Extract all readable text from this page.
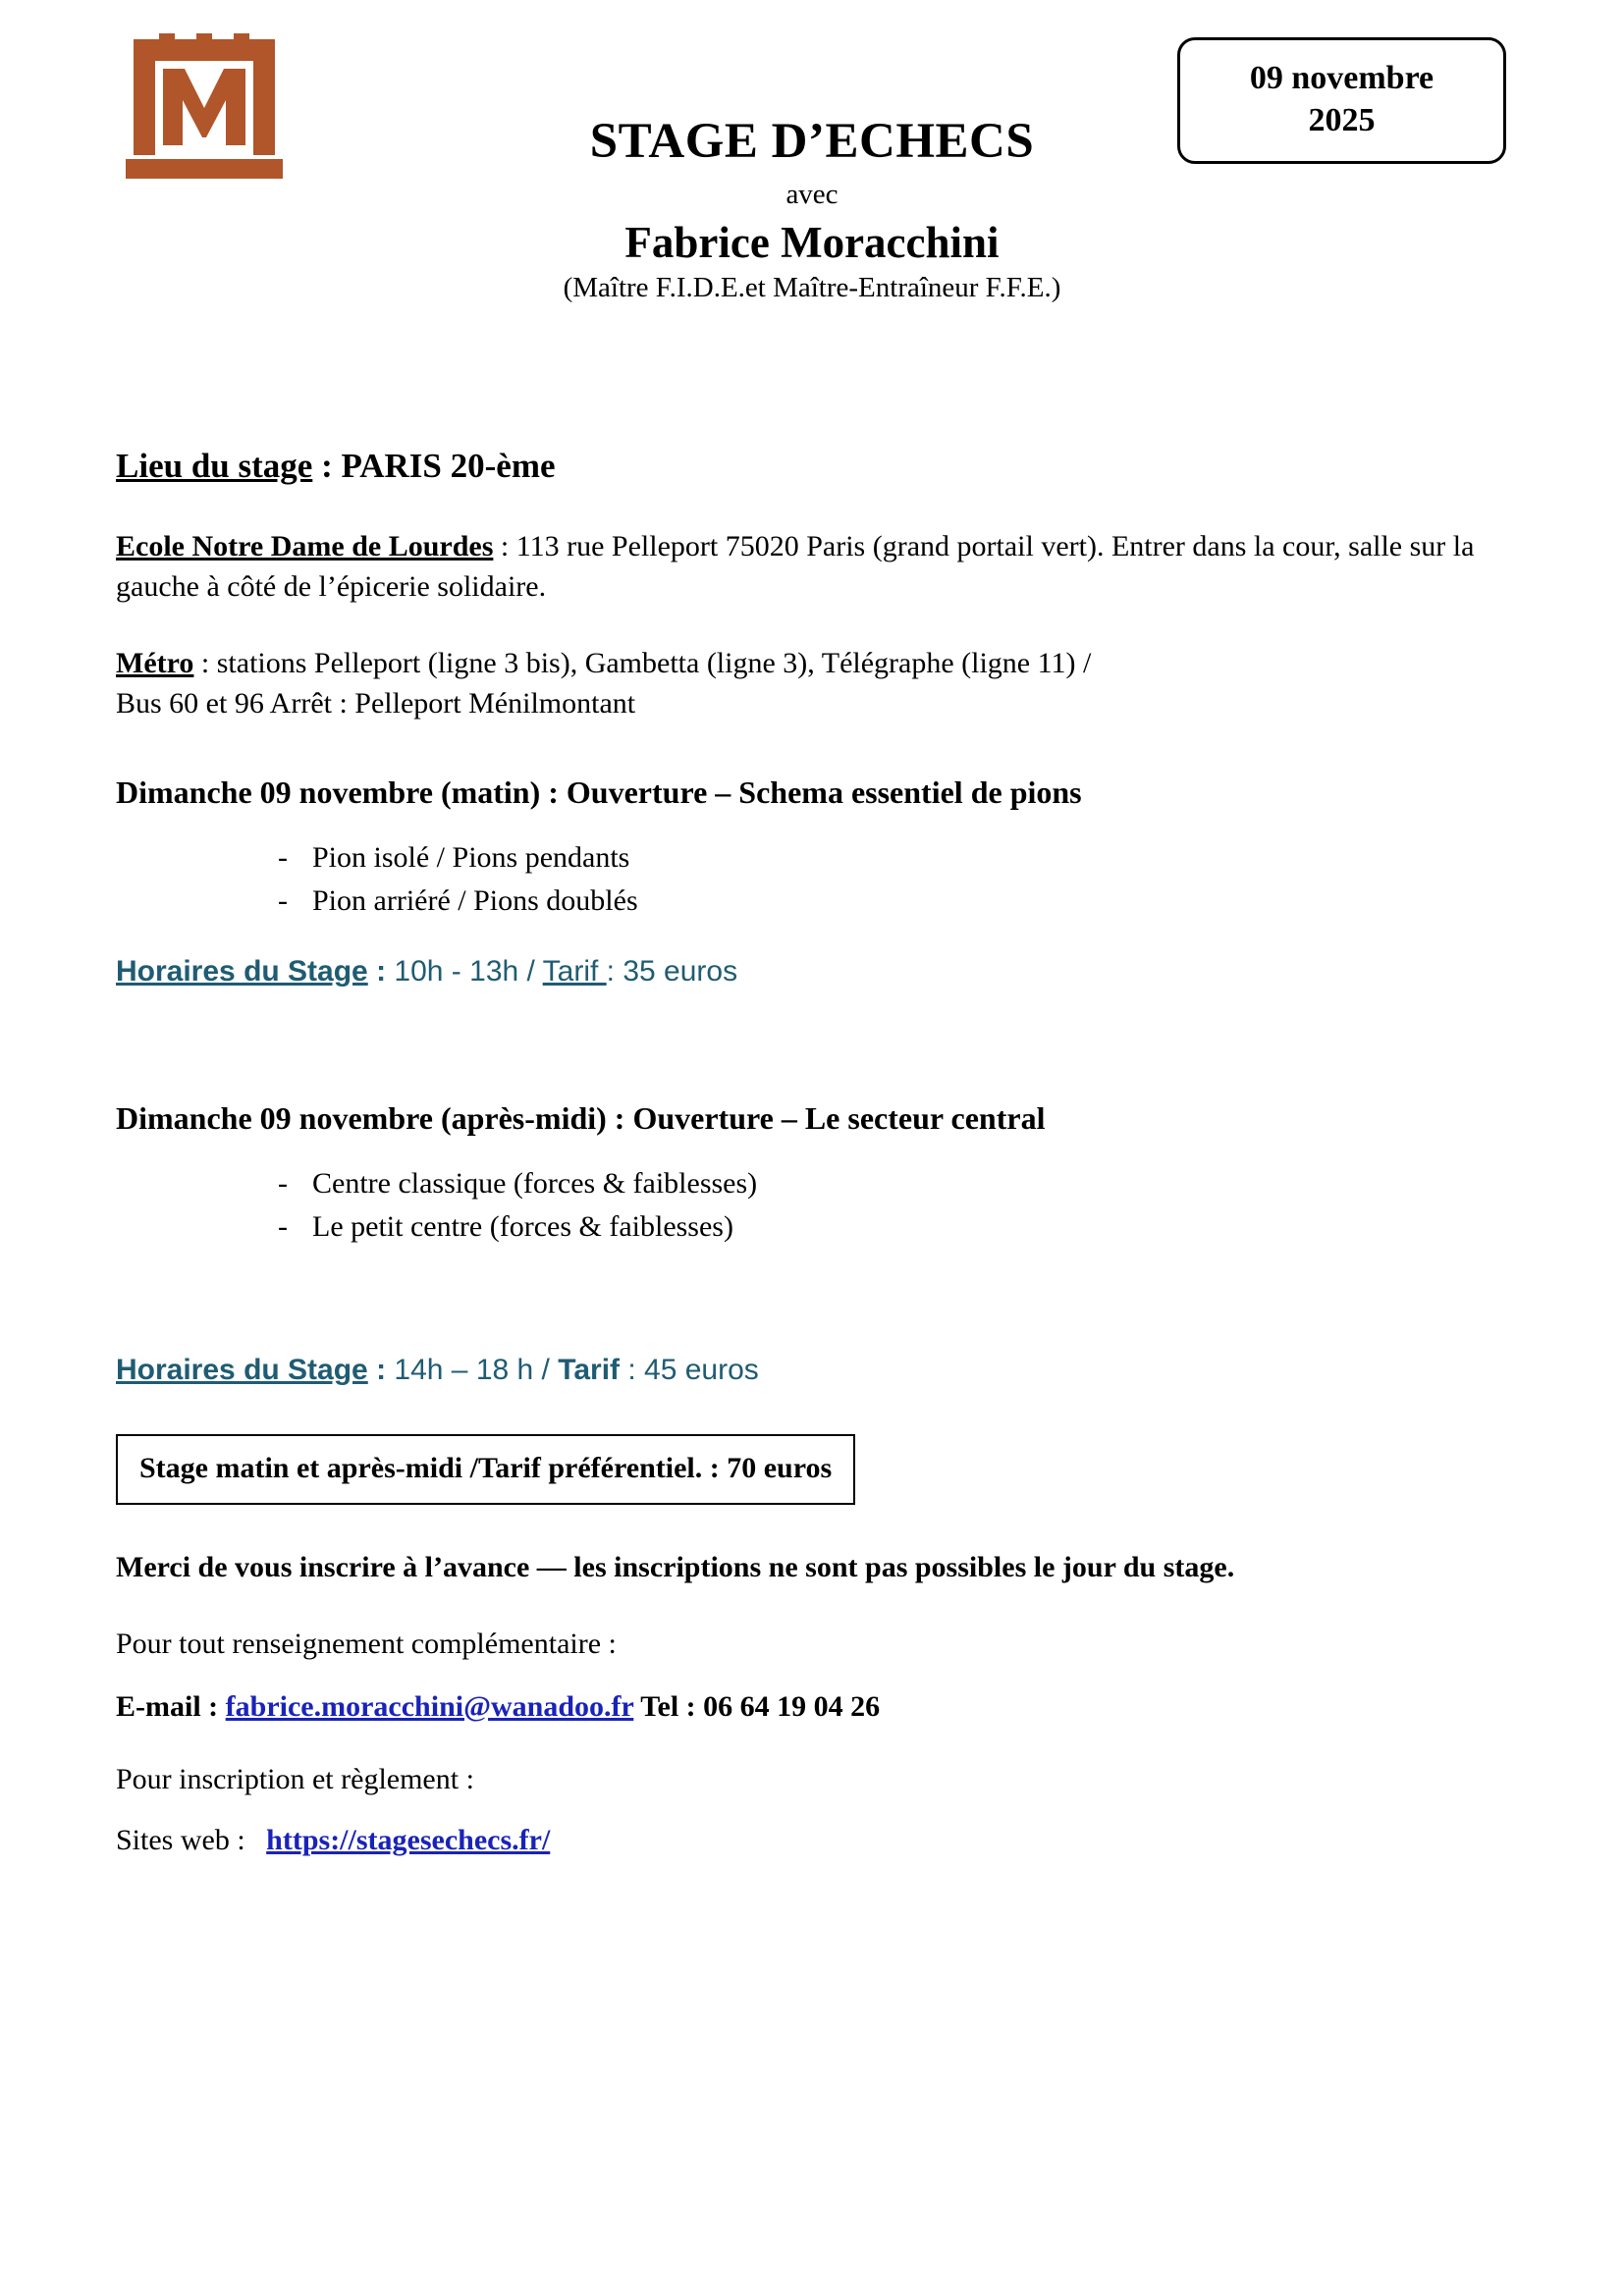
STAGE D’ECHECS
avec
Fabrice Moracchini
(Maître F.I.D.E.et Maître-Entraîneur F.F.E.)
09 novembre
2025

Lieu du stage : PARIS 20-ème

Ecole Notre Dame de Lourdes : 113 rue Pelleport 75020 Paris (grand portail vert). Entrer dans la cour, salle sur la gauche à côté de l’épicerie solidaire.

Métro : stations Pelleport (ligne 3 bis), Gambetta (ligne 3), Télégraphe (ligne 11) /
Bus 60 et 96 Arrêt : Pelleport Ménilmontant

Dimanche 09 novembre (matin) : Ouverture – Schema essentiel de pions
- Pion isolé / Pions pendants
- Pion arriéré / Pions doublés

Horaires du Stage : 10h - 13h / Tarif : 35 euros

Dimanche 09 novembre (après-midi) : Ouverture – Le secteur central
- Centre classique (forces & faiblesses)
- Le petit centre (forces & faiblesses)

Horaires du Stage : 14h – 18 h / Tarif : 45 euros

Stage matin et après-midi /Tarif préférentiel. : 70 euros

Merci de vous inscrire à l’avance — les inscriptions ne sont pas possibles le jour du stage.

Pour tout renseignement complémentaire :

E-mail : fabrice.moracchini@wanadoo.fr Tel : 06 64 19 04 26

Pour inscription et règlement :

Sites web : https://stagesechecs.fr/
